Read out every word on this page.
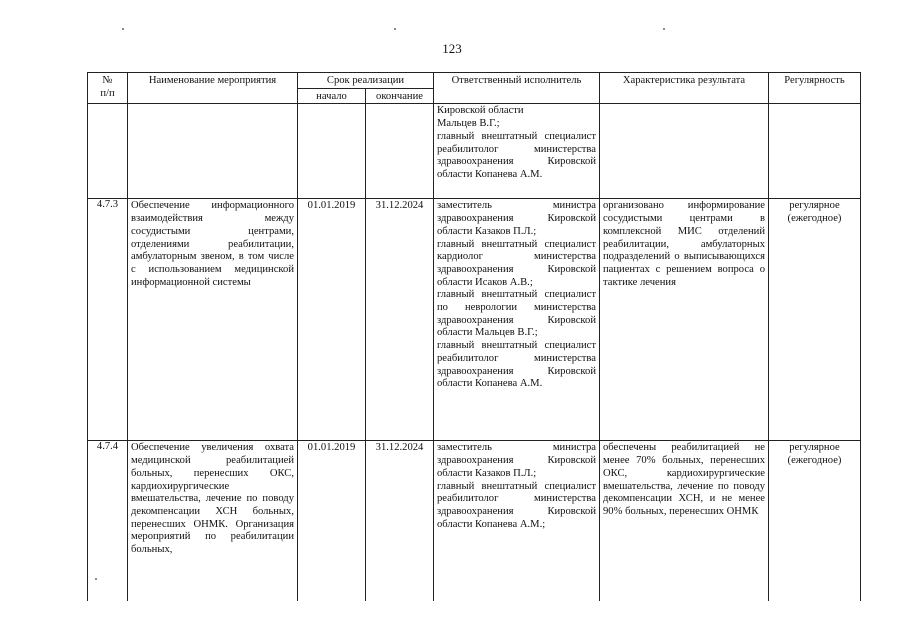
123
№
п/п	Наименование мероприятия	Срок реализации		Ответственный исполнитель	Характеристика результата	Регулярность
		начало	окончание			

				Кировской области
Мальцев В.Г.;
главный внештатный специалист реабилитолог министерства здравоохранения Кировской области Копанева А.М.		

4.7.3	Обеспечение информационного взаимодействия между сосудистыми центрами, отделениями реабилитации, амбулаторным звеном, в том числе с использованием медицинской информационной системы	01.01.2019	31.12.2024	заместитель министра здравоохранения Кировской области Казаков П.Л.;
главный внештатный специалист кардиолог министерства здравоохранения Кировской области Исаков А.В.;
главный внештатный специалист по неврологии министерства здравоохранения Кировской области Мальцев В.Г.;
главный внештатный специалист реабилитолог министерства здравоохранения Кировской области Копанева А.М.	организовано информирование сосудистыми центрами в комплексной МИС отделений реабилитации, амбулаторных подразделений о выписывающихся пациентах с решением вопроса о тактике лечения	регулярное (ежегодное)
4.7.4	Обеспечение увеличения охвата медицинской реабилитацией больных, перенесших ОКС, кардиохирургические вмешательства, лечение по поводу декомпенсации ХСН больных, перенесших ОНМК. Организация мероприятий по реабилитации больных,	01.01.2019	31.12.2024	заместитель министра здравоохранения Кировской области Казаков П.Л.;
главный внештатный специалист реабилитолог министерства здравоохранения Кировской области Копанева А.М.;	обеспечены реабилитацией не менее 70% больных, перенесших ОКС, кардиохирургические вмешательства, лечение по поводу декомпенсации ХСН, и не менее 90% больных, перенесших ОНМК	регулярное (ежегодное)
